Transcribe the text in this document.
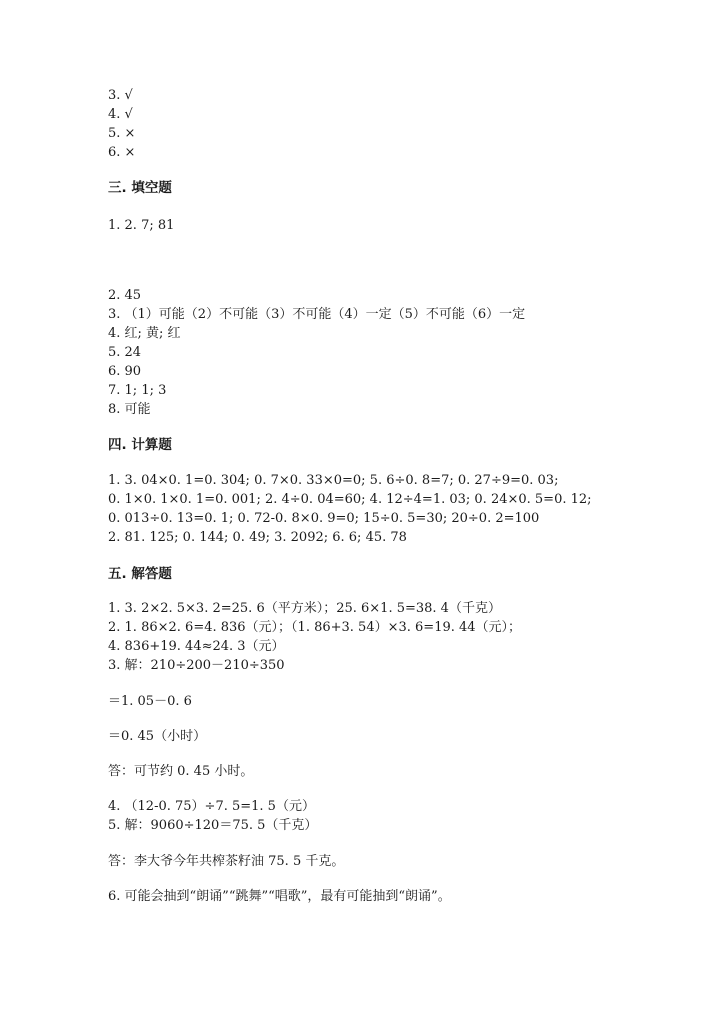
3. √
4. √
5. ×
6. ×
三. 填空题
1. 2. 7; 81
2. 45
3. （1）可能（2）不可能（3）不可能（4）一定（5）不可能（6）一定
4. 红; 黄; 红
5. 24
6. 90
7. 1; 1; 3
8. 可能
四. 计算题
1. 3. 04×0. 1=0. 304; 0. 7×0. 33×0=0; 5. 6÷0. 8=7; 0. 27÷9=0. 03;
0. 1×0. 1×0. 1=0. 001; 2. 4÷0. 04=60; 4. 12÷4=1. 03; 0. 24×0. 5=0. 12;
0. 013÷0. 13=0. 1; 0. 72-0. 8×0. 9=0; 15÷0. 5=30; 20÷0. 2=100
2. 81. 125; 0. 144; 0. 49; 3. 2092; 6. 6; 45. 78
五. 解答题
1. 3. 2×2. 5×3. 2=25. 6（平方米）；25. 6×1. 5=38. 4（千克）
2. 1. 86×2. 6=4. 836（元）；（1. 86+3. 54）×3. 6=19. 44（元）；
4. 836+19. 44≈24. 3（元）
3. 解：210÷200－210÷350
＝1. 05－0. 6
＝0. 45（小时）
答：可节约 0. 45 小时。
4. （12-0. 75）÷7. 5=1. 5（元）
5. 解：9060÷120＝75. 5（千克）
答：李大爷今年共榨茶籽油 75. 5 千克。
6. 可能会抽到“朗诵”“跳舞”“唱歌”，最有可能抽到“朗诵”。
